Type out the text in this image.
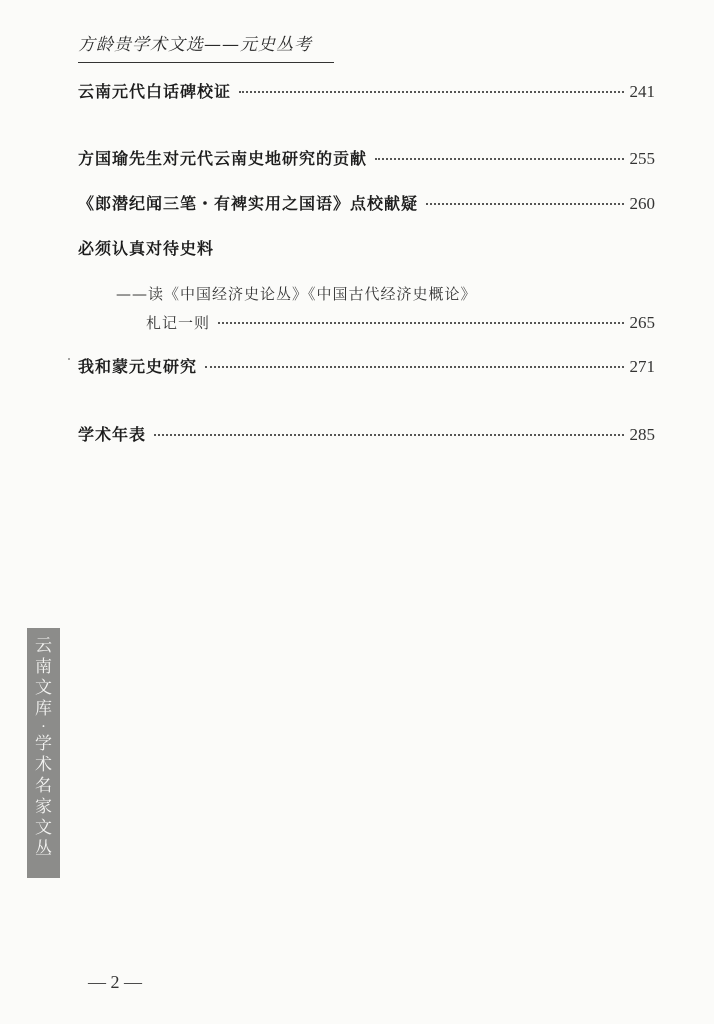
方龄贵学术文选——元史丛考
云南元代白话碑校证	241
方国瑜先生对元代云南史地研究的贡献	255
《郎潜纪闻三笔・有裨实用之国语》点校献疑	260
必须认真对待史料
——读《中国经济史论丛》《中国古代经济史概论》
札记一则	265
我和蒙元史研究	271
学术年表	285
云
南
文
库
·
学
术
名
家
文
丛
— 2 —
